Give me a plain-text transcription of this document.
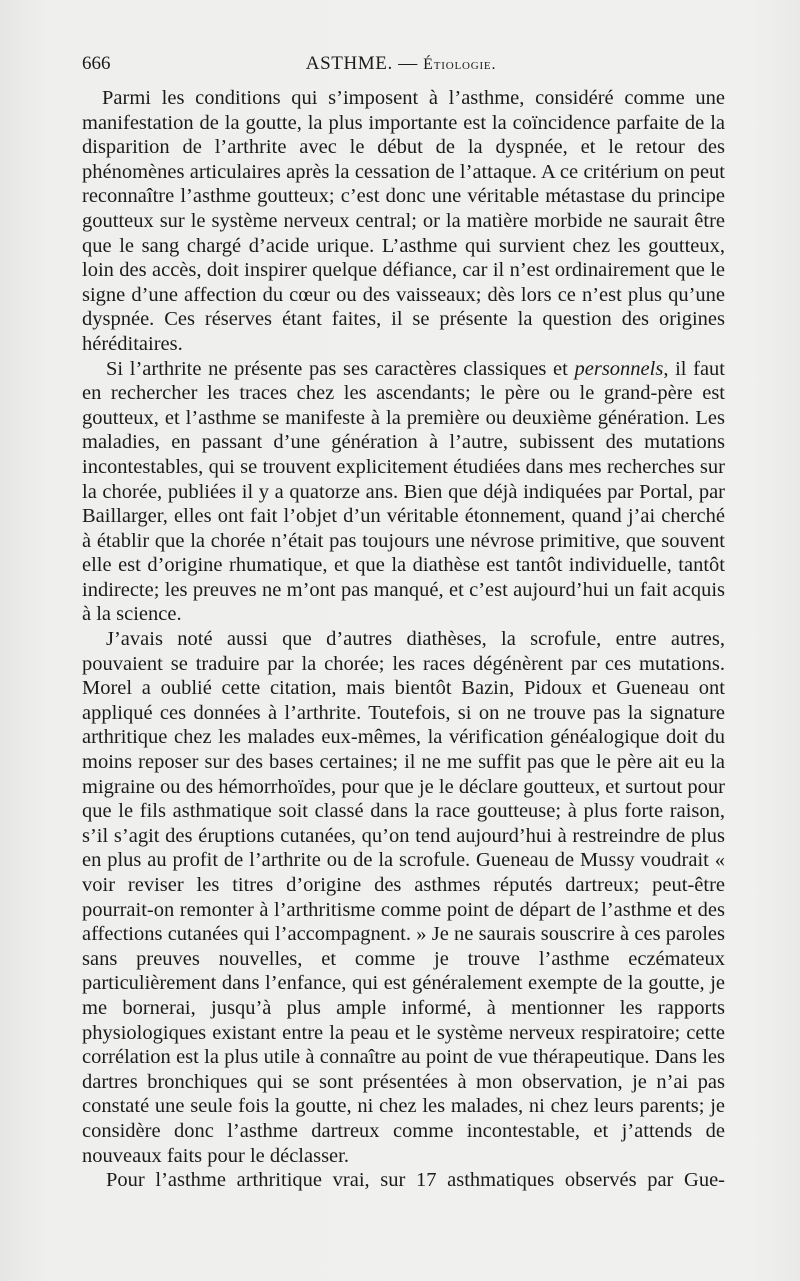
666	ASTHME. — Étiologie.

Parmi les conditions qui s’imposent à l’asthme, considéré comme une manifestation de la goutte, la plus importante est la coïncidence parfaite de la disparition de l’arthrite avec le début de la dyspnée, et le retour des phénomènes articulaires après la cessation de l’attaque. A ce critérium on peut reconnaître l’asthme goutteux; c’est donc une véritable métastase du principe goutteux sur le système nerveux central; or la matière morbide ne saurait être que le sang chargé d’acide urique. L’asthme qui survient chez les goutteux, loin des accès, doit inspirer quelque défiance, car il n’est ordinairement que le signe d’une affection du cœur ou des vaisseaux; dès lors ce n’est plus qu’une dyspnée. Ces réserves étant faites, il se présente la question des origines héréditaires.

Si l’arthrite ne présente pas ses caractères classiques et personnels, il faut en rechercher les traces chez les ascendants; le père ou le grand-père est goutteux, et l’asthme se manifeste à la première ou deuxième génération. Les maladies, en passant d’une génération à l’autre, subissent des mutations incontestables, qui se trouvent explicitement étudiées dans mes recherches sur la chorée, publiées il y a quatorze ans. Bien que déjà indiquées par Portal, par Baillarger, elles ont fait l’objet d’un véritable étonnement, quand j’ai cherché à établir que la chorée n’était pas toujours une névrose primitive, que souvent elle est d’origine rhumatique, et que la diathèse est tantôt individuelle, tantôt indirecte; les preuves ne m’ont pas manqué, et c’est aujourd’hui un fait acquis à la science.

J’avais noté aussi que d’autres diathèses, la scrofule, entre autres, pouvaient se traduire par la chorée; les races dégénèrent par ces mutations. Morel a oublié cette citation, mais bientôt Bazin, Pidoux et Gueneau ont appliqué ces données à l’arthrite. Toutefois, si on ne trouve pas la signature arthritique chez les malades eux-mêmes, la vérification généalogique doit du moins reposer sur des bases certaines; il ne me suffit pas que le père ait eu la migraine ou des hémorrhoïdes, pour que je le déclare goutteux, et surtout pour que le fils asthmatique soit classé dans la race goutteuse; à plus forte raison, s’il s’agit des éruptions cutanées, qu’on tend aujourd’hui à restreindre de plus en plus au profit de l’arthrite ou de la scrofule. Gueneau de Mussy voudrait « voir reviser les titres d’origine des asthmes réputés dartreux; peut-être pourrait-on remonter à l’arthritisme comme point de départ de l’asthme et des affections cutanées qui l’accompagnent. » Je ne saurais souscrire à ces paroles sans preuves nouvelles, et comme je trouve l’asthme eczémateux particulièrement dans l’enfance, qui est généralement exempte de la goutte, je me bornerai, jusqu’à plus ample informé, à mentionner les rapports physiologiques existant entre la peau et le système nerveux respiratoire; cette corrélation est la plus utile à connaître au point de vue thérapeutique. Dans les dartres bronchiques qui se sont présentées à mon observation, je n’ai pas constaté une seule fois la goutte, ni chez les malades, ni chez leurs parents; je considère donc l’asthme dartreux comme incontestable, et j’attends de nouveaux faits pour le déclasser.

Pour l’asthme arthritique vrai, sur 17 asthmatiques observés par Gue-
